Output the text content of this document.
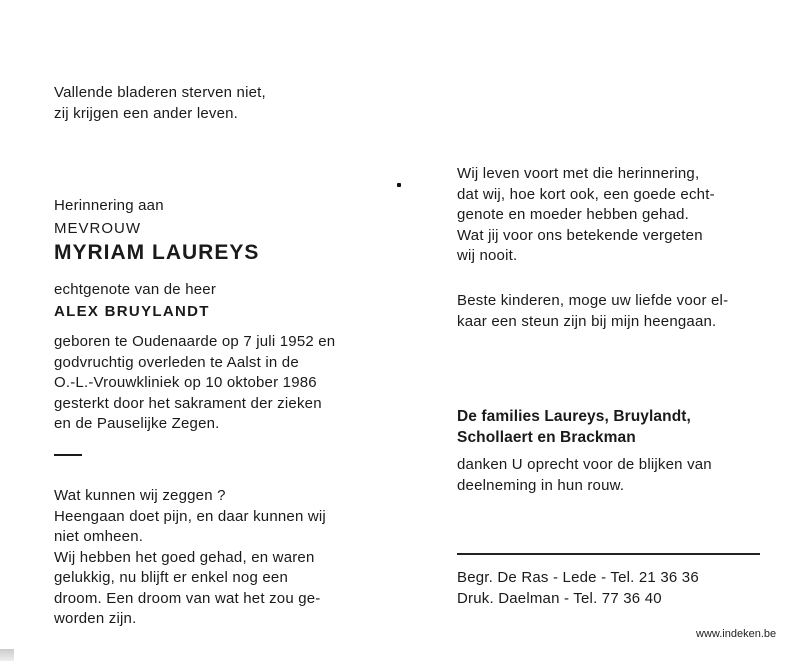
Vallende bladeren sterven niet,
zij krijgen een ander leven.
Herinnering aan
MEVROUW
MYRIAM LAUREYS
echtgenote van de heer
ALEX BRUYLANDT
geboren te Oudenaarde op 7 juli 1952 en
godvruchtig overleden te Aalst in de
O.-L.-Vrouwkliniek op 10 oktober 1986
gesterkt door het sakrament der zieken
en de Pauselijke Zegen.
Wat kunnen wij zeggen ?
Heengaan doet pijn, en daar kunnen wij
niet omheen.
Wij hebben het goed gehad, en waren
gelukkig, nu blijft er enkel nog een
droom. Een droom van wat het zou ge-
worden zijn.
Wij leven voort met die herinnering,
dat wij, hoe kort ook, een goede echt-
genote en moeder hebben gehad.
Wat jij voor ons betekende vergeten
wij nooit.
Beste kinderen, moge uw liefde voor el-
kaar een steun zijn bij mijn heengaan.
De families Laureys, Bruylandt,
Schollaert en Brackman
danken U oprecht voor de blijken van
deelneming in hun rouw.
Begr. De Ras - Lede - Tel. 21 36 36
Druk. Daelman - Tel. 77 36 40
www.indeken.be
